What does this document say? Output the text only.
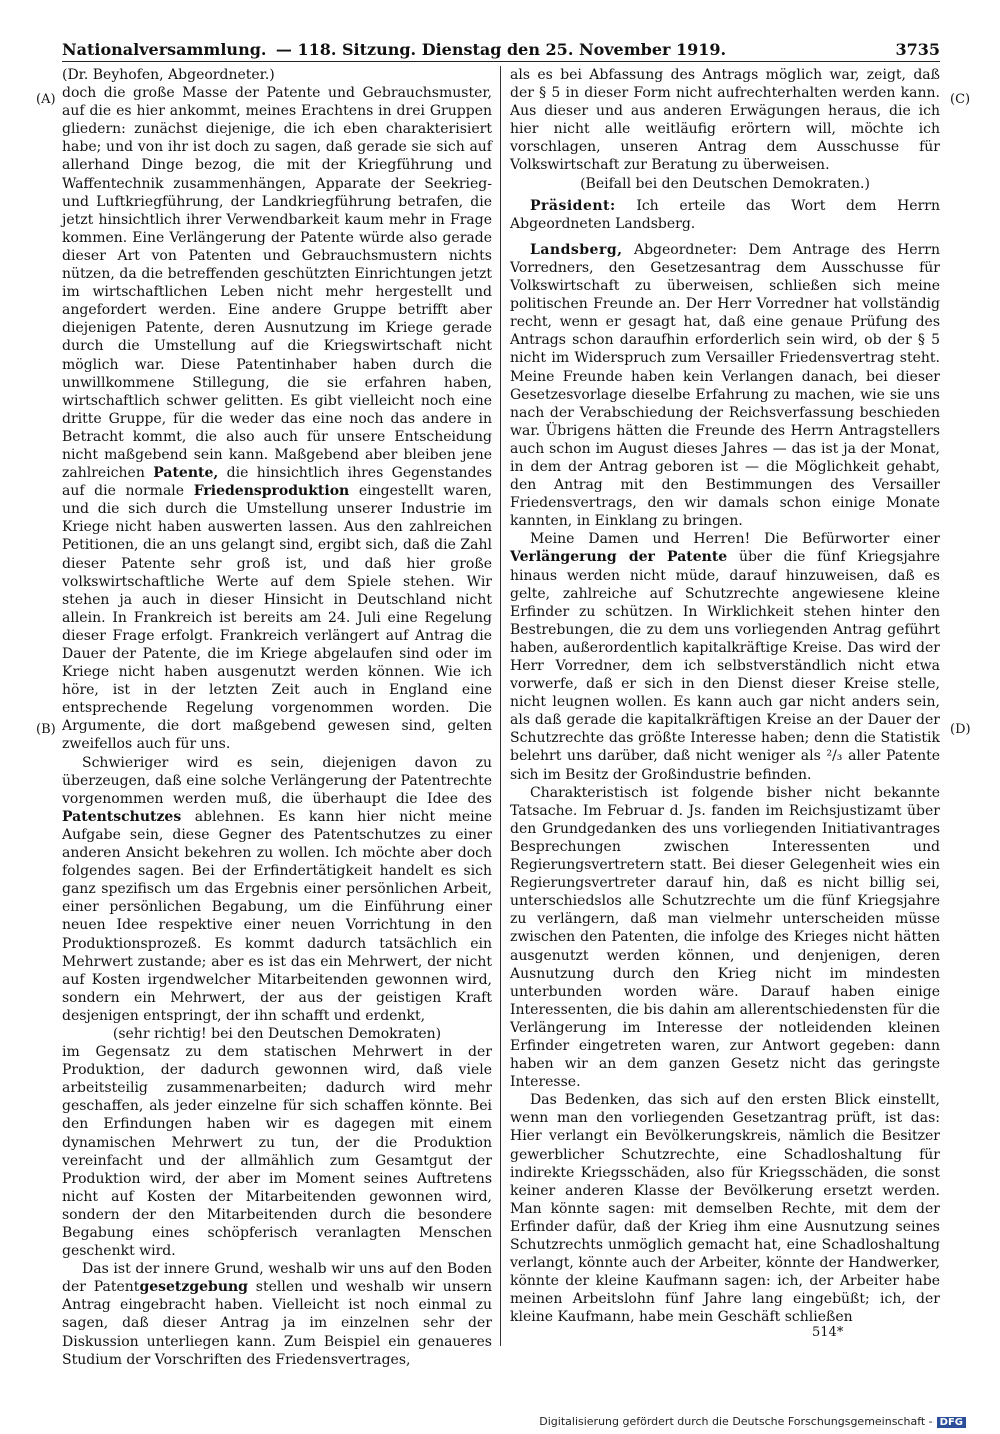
Nationalversammlung. — 118. Sitzung. Dienstag den 25. November 1919.	3735
(A)
(B)
(C)
(D)

(Dr. Beyhofen, Abgeordneter.)

doch die große Masse der Patente und Gebrauchsmuster, auf die es hier ankommt, meines Erachtens in drei Gruppen gliedern: zunächst diejenige, die ich eben charakterisiert habe; und von ihr ist doch zu sagen, daß gerade sie sich auf allerhand Dinge bezog, die mit der Kriegführung und Waffentechnik zusammenhängen, Apparate der Seekrieg- und Luftkriegführung, der Landkriegführung betrafen, die jetzt hinsichtlich ihrer Verwendbarkeit kaum mehr in Frage kommen. Eine Verlängerung der Patente würde also gerade dieser Art von Patenten und Gebrauchsmustern nichts nützen, da die betreffenden geschützten Einrichtungen jetzt im wirtschaftlichen Leben nicht mehr hergestellt und angefordert werden. Eine andere Gruppe betrifft aber diejenigen Patente, deren Ausnutzung im Kriege gerade durch die Umstellung auf die Kriegswirtschaft nicht möglich war. Diese Patentinhaber haben durch die unwillkommene Stillegung, die sie erfahren haben, wirtschaftlich schwer gelitten. Es gibt vielleicht noch eine dritte Gruppe, für die weder das eine noch das andere in Betracht kommt, die also auch für unsere Entscheidung nicht maßgebend sein kann. Maßgebend aber bleiben jene zahlreichen Patente, die hinsichtlich ihres Gegenstandes auf die normale Friedensproduktion eingestellt waren, und die sich durch die Umstellung unserer Industrie im Kriege nicht haben auswerten lassen. Aus den zahlreichen Petitionen, die an uns gelangt sind, ergibt sich, daß die Zahl dieser Patente sehr groß ist, und daß hier große volkswirtschaftliche Werte auf dem Spiele stehen. Wir stehen ja auch in dieser Hinsicht in Deutschland nicht allein. In Frankreich ist bereits am 24. Juli eine Regelung dieser Frage erfolgt. Frankreich verlängert auf Antrag die Dauer der Patente, die im Kriege abgelaufen sind oder im Kriege nicht haben ausgenutzt werden können. Wie ich höre, ist in der letzten Zeit auch in England eine entsprechende Regelung vorgenommen worden. Die Argumente, die dort maßgebend gewesen sind, gelten zweifellos auch für uns.

Schwieriger wird es sein, diejenigen davon zu überzeugen, daß eine solche Verlängerung der Patentrechte vorgenommen werden muß, die überhaupt die Idee des Patentschutzes ablehnen. Es kann hier nicht meine Aufgabe sein, diese Gegner des Patentschutzes zu einer anderen Ansicht bekehren zu wollen. Ich möchte aber doch folgendes sagen. Bei der Erfindertätigkeit handelt es sich ganz spezifisch um das Ergebnis einer persönlichen Arbeit, einer persönlichen Begabung, um die Einführung einer neuen Idee respektive einer neuen Vorrichtung in den Produktionsprozeß. Es kommt dadurch tatsächlich ein Mehrwert zustande; aber es ist das ein Mehrwert, der nicht auf Kosten irgendwelcher Mitarbeitenden gewonnen wird, sondern ein Mehrwert, der aus der geistigen Kraft desjenigen entspringt, der ihn schafft und erdenkt,

(sehr richtig! bei den Deutschen Demokraten)

im Gegensatz zu dem statischen Mehrwert in der Produktion, der dadurch gewonnen wird, daß viele arbeitsteilig zusammenarbeiten; dadurch wird mehr geschaffen, als jeder einzelne für sich schaffen könnte. Bei den Erfindungen haben wir es dagegen mit einem dynamischen Mehrwert zu tun, der die Produktion vereinfacht und der allmählich zum Gesamtgut der Produktion wird, der aber im Moment seines Auftretens nicht auf Kosten der Mitarbeitenden gewonnen wird, sondern der den Mitarbeitenden durch die besondere Begabung eines schöpferisch veranlagten Menschen geschenkt wird.

Das ist der innere Grund, weshalb wir uns auf den Boden der Patentgesetzgebung stellen und weshalb wir unsern Antrag eingebracht haben. Vielleicht ist noch einmal zu sagen, daß dieser Antrag ja im einzelnen sehr der Diskussion unterliegen kann. Zum Beispiel ein genaueres Studium der Vorschriften des Friedensvertrages,

als es bei Abfassung des Antrags möglich war, zeigt, daß der § 5 in dieser Form nicht aufrechterhalten werden kann. Aus dieser und aus anderen Erwägungen heraus, die ich hier nicht alle weitläufig erörtern will, möchte ich vorschlagen, unseren Antrag dem Ausschusse für Volkswirtschaft zur Beratung zu überweisen.

(Beifall bei den Deutschen Demokraten.)

Präsident: Ich erteile das Wort dem Herrn Abgeordneten Landsberg.

Landsberg, Abgeordneter: Dem Antrage des Herrn Vorredners, den Gesetzesantrag dem Ausschusse für Volkswirtschaft zu überweisen, schließen sich meine politischen Freunde an. Der Herr Vorredner hat vollständig recht, wenn er gesagt hat, daß eine genaue Prüfung des Antrags schon daraufhin erforderlich sein wird, ob der § 5 nicht im Widerspruch zum Versailler Friedensvertrag steht. Meine Freunde haben kein Verlangen danach, bei dieser Gesetzesvorlage dieselbe Erfahrung zu machen, wie sie uns nach der Verabschiedung der Reichsverfassung beschieden war. Übrigens hätten die Freunde des Herrn Antragstellers auch schon im August dieses Jahres — das ist ja der Monat, in dem der Antrag geboren ist — die Möglichkeit gehabt, den Antrag mit den Bestimmungen des Versailler Friedensvertrags, den wir damals schon einige Monate kannten, in Einklang zu bringen.

Meine Damen und Herren! Die Befürworter einer Verlängerung der Patente über die fünf Kriegsjahre hinaus werden nicht müde, darauf hinzuweisen, daß es gelte, zahlreiche auf Schutzrechte angewiesene kleine Erfinder zu schützen. In Wirklichkeit stehen hinter den Bestrebungen, die zu dem uns vorliegenden Antrag geführt haben, außerordentlich kapitalkräftige Kreise. Das wird der Herr Vorredner, dem ich selbstverständlich nicht etwa vorwerfe, daß er sich in den Dienst dieser Kreise stelle, nicht leugnen wollen. Es kann auch gar nicht anders sein, als daß gerade die kapitalkräftigen Kreise an der Dauer der Schutzrechte das größte Interesse haben; denn die Statistik belehrt uns darüber, daß nicht weniger als ²/₃ aller Patente sich im Besitz der Großindustrie befinden.

Charakteristisch ist folgende bisher nicht bekannte Tatsache. Im Februar d. Js. fanden im Reichsjustizamt über den Grundgedanken des uns vorliegenden Initiativantrages Besprechungen zwischen Interessenten und Regierungsvertretern statt. Bei dieser Gelegenheit wies ein Regierungsvertreter darauf hin, daß es nicht billig sei, unterschiedslos alle Schutzrechte um die fünf Kriegsjahre zu verlängern, daß man vielmehr unterscheiden müsse zwischen den Patenten, die infolge des Krieges nicht hätten ausgenutzt werden können, und denjenigen, deren Ausnutzung durch den Krieg nicht im mindesten unterbunden worden wäre. Darauf haben einige Interessenten, die bis dahin am allerentschiedensten für die Verlängerung im Interesse der notleidenden kleinen Erfinder eingetreten waren, zur Antwort gegeben: dann haben wir an dem ganzen Gesetz nicht das geringste Interesse.

Das Bedenken, das sich auf den ersten Blick einstellt, wenn man den vorliegenden Gesetzantrag prüft, ist das: Hier verlangt ein Bevölkerungskreis, nämlich die Besitzer gewerblicher Schutzrechte, eine Schadloshaltung für indirekte Kriegsschäden, also für Kriegsschäden, die sonst keiner anderen Klasse der Bevölkerung ersetzt werden. Man könnte sagen: mit demselben Rechte, mit dem der Erfinder dafür, daß der Krieg ihm eine Ausnutzung seines Schutzrechts unmöglich gemacht hat, eine Schadloshaltung verlangt, könnte auch der Arbeiter, könnte der Handwerker, könnte der kleine Kaufmann sagen: ich, der Arbeiter habe meinen Arbeitslohn fünf Jahre lang eingebüßt; ich, der kleine Kaufmann, habe mein Geschäft schließen

514*
Digitalisierung gefördert durch die Deutsche Forschungsgemeinschaft - DFG
